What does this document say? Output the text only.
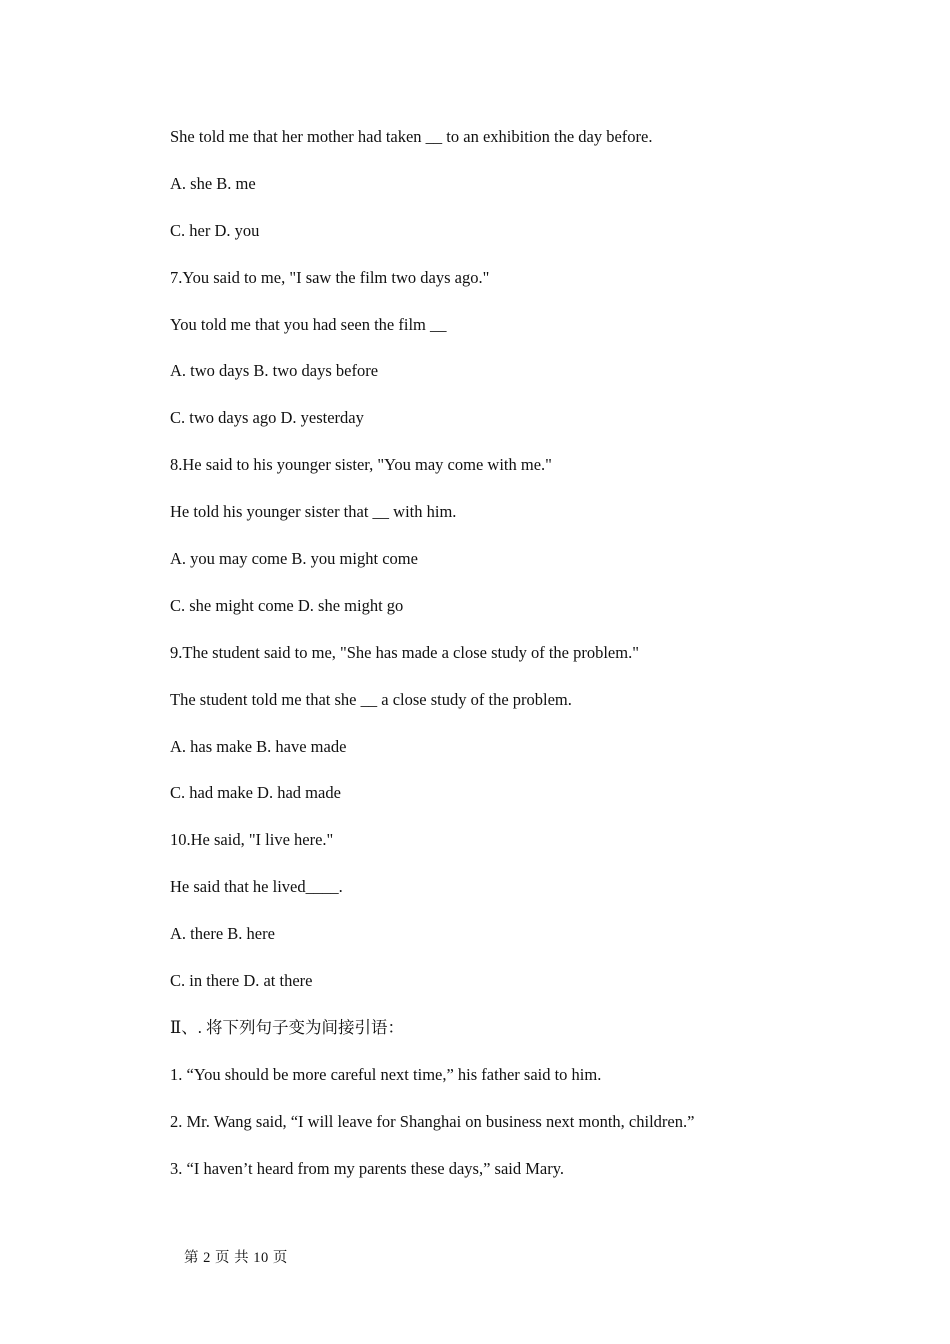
She told me that her mother had taken __ to an exhibition the day before.
A. she B. me
C. her D. you
7.You said to me, "I saw the film two days ago."
You told me that you had seen the film __
A. two days B. two days before
C. two days ago D. yesterday
8.He said to his younger sister, "You may come with me."
He told his younger sister that __ with him.
A. you may come B. you might come
C. she might come D. she might go
9.The student said to me, "She has made a close study of the problem."
The student told me that she __ a close study of the problem.
A. has make B. have made
C. had make D. had made
10.He said, "I live here."
He said that he lived____.
A. there B. here
C. in there D. at there
Ⅱ、. 将下列句子变为间接引语：
1. “You should be more careful next time,” his father said to him.
2. Mr. Wang said, “I will leave for Shanghai on business next month, children.”
3. “I haven’t heard from my parents these days,” said Mary.
第 2 页 共 10 页
